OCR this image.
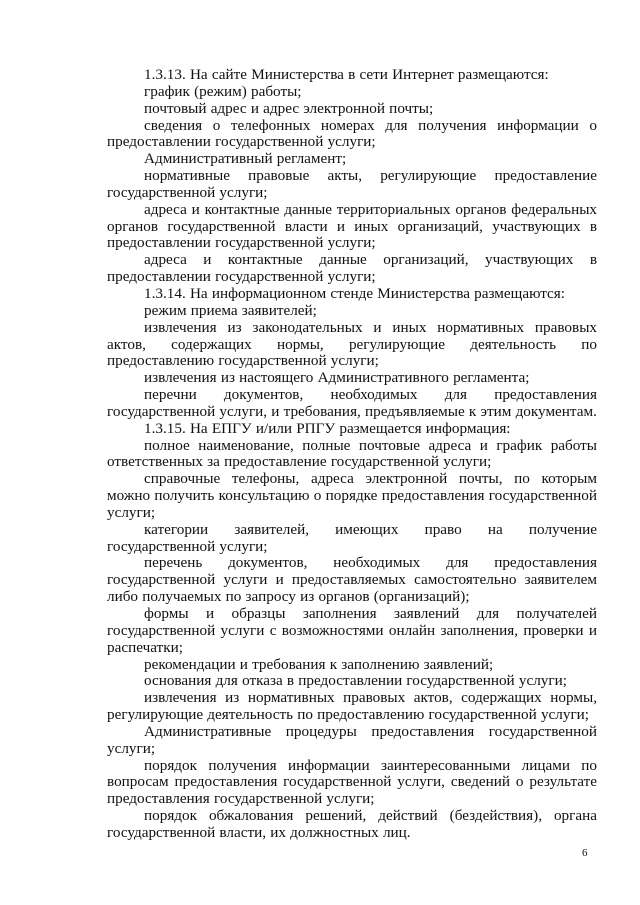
1.3.13. На сайте Министерства в сети Интернет размещаются:

график (режим) работы;

почтовый адрес и адрес электронной почты;

сведения о телефонных номерах для получения информации о предоставлении государственной услуги;

Административный регламент;

нормативные правовые акты, регулирующие предоставление государственной услуги;

адреса и контактные данные территориальных органов федеральных органов государственной власти и иных организаций, участвующих в предоставлении государственной услуги;

адреса и контактные данные организаций, участвующих в предоставлении государственной услуги;

1.3.14. На информационном стенде Министерства размещаются:

режим приема заявителей;

извлечения из законодательных и иных нормативных правовых актов, содержащих нормы, регулирующие деятельность по предоставлению государственной услуги;

извлечения из настоящего Административного регламента;

перечни документов, необходимых для предоставления государственной услуги, и требования, предъявляемые к этим документам.

1.3.15. На ЕПГУ и/или РПГУ размещается информация:

полное наименование, полные почтовые адреса и график работы ответственных за предоставление государственной услуги;

справочные телефоны, адреса электронной почты, по которым можно получить консультацию о порядке предоставления государственной услуги;

категории заявителей, имеющих право на получение государственной услуги;

перечень документов, необходимых для предоставления государственной услуги и предоставляемых самостоятельно заявителем либо получаемых по запросу из органов (организаций);

формы и образцы заполнения заявлений для получателей государственной услуги с возможностями онлайн заполнения, проверки и распечатки;

рекомендации и требования к заполнению заявлений;

основания для отказа в предоставлении государственной услуги;

извлечения из нормативных правовых актов, содержащих нормы, регулирующие деятельность по предоставлению государственной услуги;

Административные процедуры предоставления государственной услуги;

порядок получения информации заинтересованными лицами по вопросам предоставления государственной услуги, сведений о результате предоставления государственной услуги;

порядок обжалования решений, действий (бездействия), органа государственной власти, их должностных лиц.

6
